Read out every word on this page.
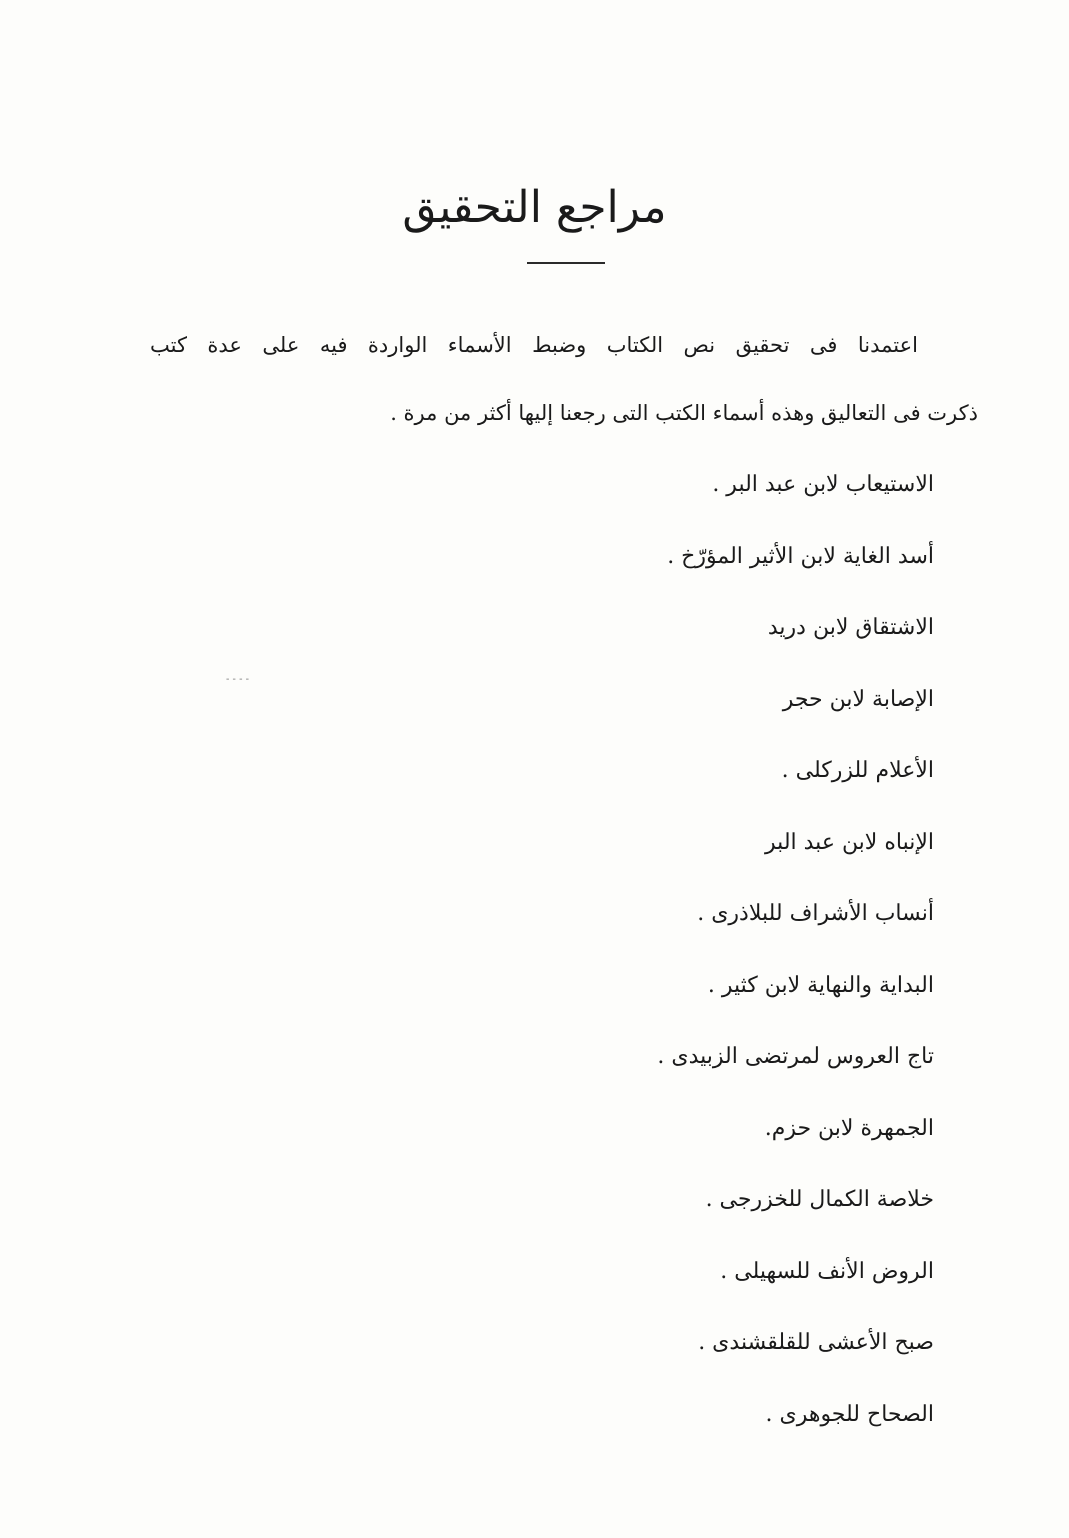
مراجع التحقيق
اعتمدنا فى تحقيق نص الكتاب وضبط الأسماء الواردة فيه على عدة كتب
ذكرت فى التعاليق وهذه أسماء الكتب التى رجعنا إليها أكثر من مرة .
الاستيعاب لابن عبد البر .
أسد الغاية لابن الأثير المؤرّخ .
الاشتقاق لابن دريد
الإصابة لابن حجر
الأعلام للزركلى .
الإنباه لابن عبد البر
أنساب الأشراف للبلاذرى .
البداية والنهاية لابن كثير .
تاج العروس لمرتضى الزبيدى .
الجمهرة لابن حزم.
خلاصة الكمال للخزرجى .
الروض الأنف للسهيلى .
صبح الأعشى للقلقشندى .
الصحاح للجوهرى .
- - - -
